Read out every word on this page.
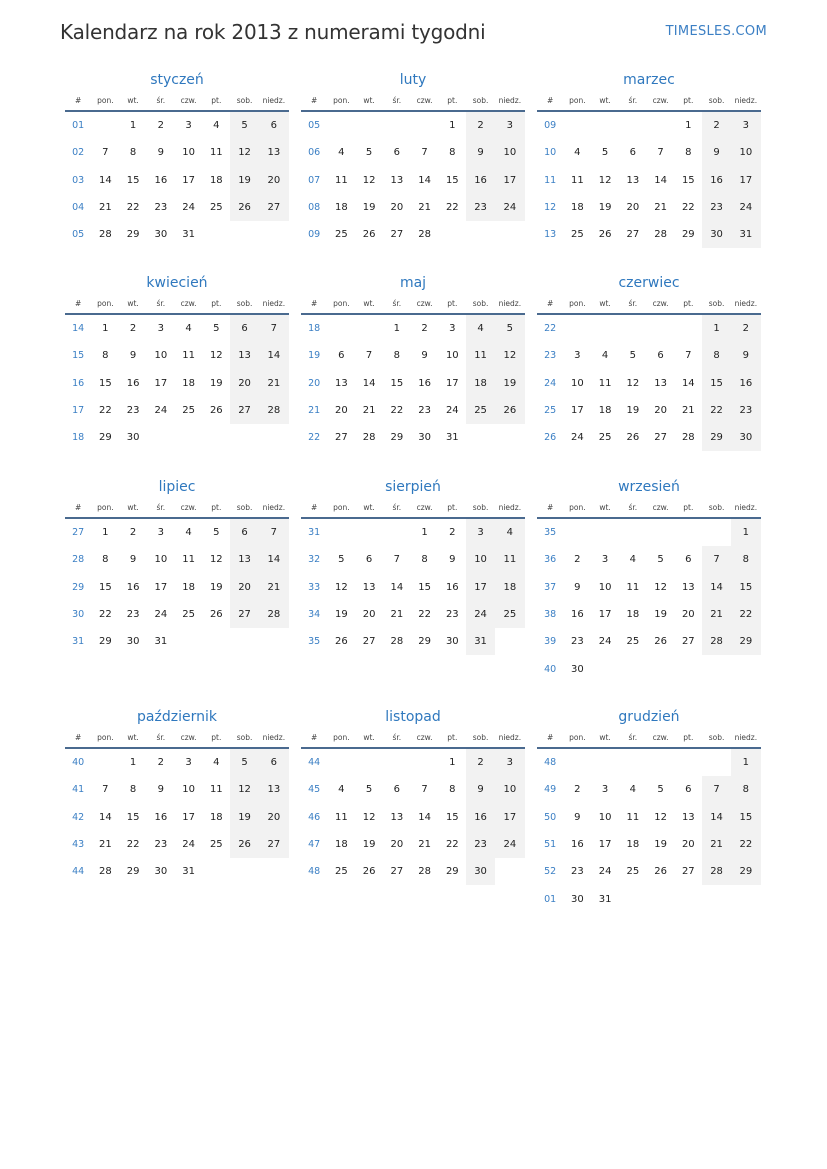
Kalendarz na rok 2013 z numerami tygodni	TIMESLES.COM
styczeń
#	pon.	wt.	śr.	czw.	pt.	sob.	niedz.
01		1	2	3	4	5	6
02	7	8	9	10	11	12	13
03	14	15	16	17	18	19	20
04	21	22	23	24	25	26	27
05	28	29	30	31			
luty
#	pon.	wt.	śr.	czw.	pt.	sob.	niedz.
05					1	2	3
06	4	5	6	7	8	9	10
07	11	12	13	14	15	16	17
08	18	19	20	21	22	23	24
09	25	26	27	28			
marzec
#	pon.	wt.	śr.	czw.	pt.	sob.	niedz.
09					1	2	3
10	4	5	6	7	8	9	10
11	11	12	13	14	15	16	17
12	18	19	20	21	22	23	24
13	25	26	27	28	29	30	31
kwiecień
#	pon.	wt.	śr.	czw.	pt.	sob.	niedz.
14	1	2	3	4	5	6	7
15	8	9	10	11	12	13	14
16	15	16	17	18	19	20	21
17	22	23	24	25	26	27	28
18	29	30					
maj
#	pon.	wt.	śr.	czw.	pt.	sob.	niedz.
18			1	2	3	4	5
19	6	7	8	9	10	11	12
20	13	14	15	16	17	18	19
21	20	21	22	23	24	25	26
22	27	28	29	30	31		
czerwiec
#	pon.	wt.	śr.	czw.	pt.	sob.	niedz.
22						1	2
23	3	4	5	6	7	8	9
24	10	11	12	13	14	15	16
25	17	18	19	20	21	22	23
26	24	25	26	27	28	29	30
lipiec
#	pon.	wt.	śr.	czw.	pt.	sob.	niedz.
27	1	2	3	4	5	6	7
28	8	9	10	11	12	13	14
29	15	16	17	18	19	20	21
30	22	23	24	25	26	27	28
31	29	30	31				
sierpień
#	pon.	wt.	śr.	czw.	pt.	sob.	niedz.
31				1	2	3	4
32	5	6	7	8	9	10	11
33	12	13	14	15	16	17	18
34	19	20	21	22	23	24	25
35	26	27	28	29	30	31	
wrzesień
#	pon.	wt.	śr.	czw.	pt.	sob.	niedz.
35							1
36	2	3	4	5	6	7	8
37	9	10	11	12	13	14	15
38	16	17	18	19	20	21	22
39	23	24	25	26	27	28	29
40	30						
październik
#	pon.	wt.	śr.	czw.	pt.	sob.	niedz.
40		1	2	3	4	5	6
41	7	8	9	10	11	12	13
42	14	15	16	17	18	19	20
43	21	22	23	24	25	26	27
44	28	29	30	31			
listopad
#	pon.	wt.	śr.	czw.	pt.	sob.	niedz.
44					1	2	3
45	4	5	6	7	8	9	10
46	11	12	13	14	15	16	17
47	18	19	20	21	22	23	24
48	25	26	27	28	29	30	
grudzień
#	pon.	wt.	śr.	czw.	pt.	sob.	niedz.
48							1
49	2	3	4	5	6	7	8
50	9	10	11	12	13	14	15
51	16	17	18	19	20	21	22
52	23	24	25	26	27	28	29
01	30	31					
